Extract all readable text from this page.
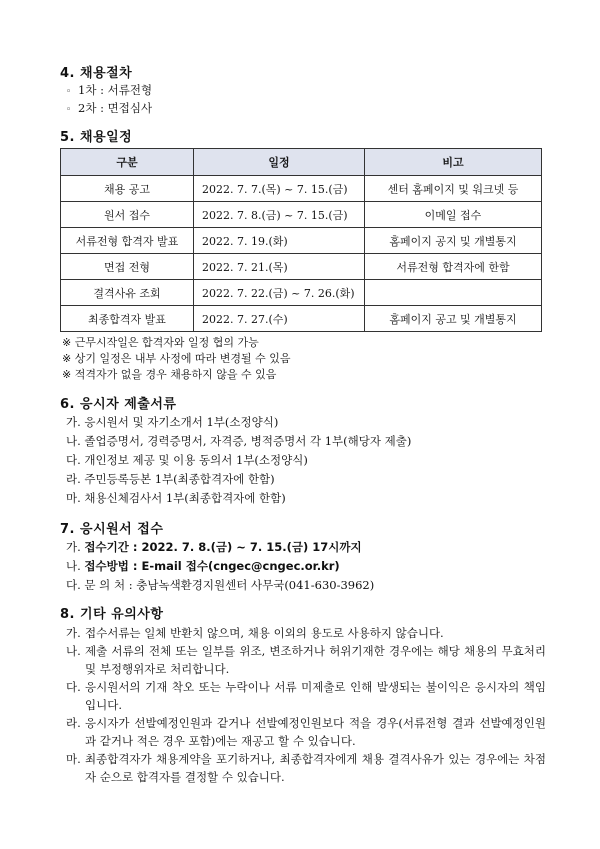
4. 채용절차
◦ 1차 : 서류전형
◦ 2차 : 면접심사
5. 채용일정
구분	일정	비고
채용 공고	2022. 7. 7.(목) ~ 7. 15.(금)	센터 홈페이지 및 워크넷 등
원서 접수	2022. 7. 8.(금) ~ 7. 15.(금)	이메일 접수
서류전형 합격자 발표	2022. 7. 19.(화)	홈페이지 공지 및 개별통지
면접 전형	2022. 7. 21.(목)	서류전형 합격자에 한함
결격사유 조회	2022. 7. 22.(금) ~ 7. 26.(화)	
최종합격자 발표	2022. 7. 27.(수)	홈페이지 공고 및 개별통지
※ 근무시작일은 합격자와 일정 협의 가능
※ 상기 일정은 내부 사정에 따라 변경될 수 있음
※ 적격자가 없을 경우 채용하지 않을 수 있음
6. 응시자 제출서류
가. 응시원서 및 자기소개서 1부(소정양식)
나. 졸업증명서, 경력증명서, 자격증, 병적증명서 각 1부(해당자 제출)
다. 개인정보 제공 및 이용 동의서 1부(소정양식)
라. 주민등록등본 1부(최종합격자에 한함)
마. 채용신체검사서 1부(최종합격자에 한함)
7. 응시원서 접수
가. 접수기간 : 2022. 7. 8.(금) ~ 7. 15.(금) 17시까지
나. 접수방법 : E-mail 접수(cngec@cngec.or.kr)
다. 문 의 처 : 충남녹색환경지원센터 사무국(041-630-3962)
8. 기타 유의사항
가. 접수서류는 일체 반환치 않으며, 채용 이외의 용도로 사용하지 않습니다.
나. 제출 서류의 전체 또는 일부를 위조, 변조하거나 허위기재한 경우에는 해당 채용의 무효처리 및 부정행위자로 처리합니다.
다. 응시원서의 기재 착오 또는 누락이나 서류 미제출로 인해 발생되는 불이익은 응시자의 책임입니다.
라. 응시자가 선발예정인원과 같거나 선발예정인원보다 적을 경우(서류전형 결과 선발예정인원과 같거나 적은 경우 포함)에는 재공고 할 수 있습니다.
마. 최종합격자가 채용계약을 포기하거나, 최종합격자에게 채용 결격사유가 있는 경우에는 차점자 순으로 합격자를 결정할 수 있습니다.
